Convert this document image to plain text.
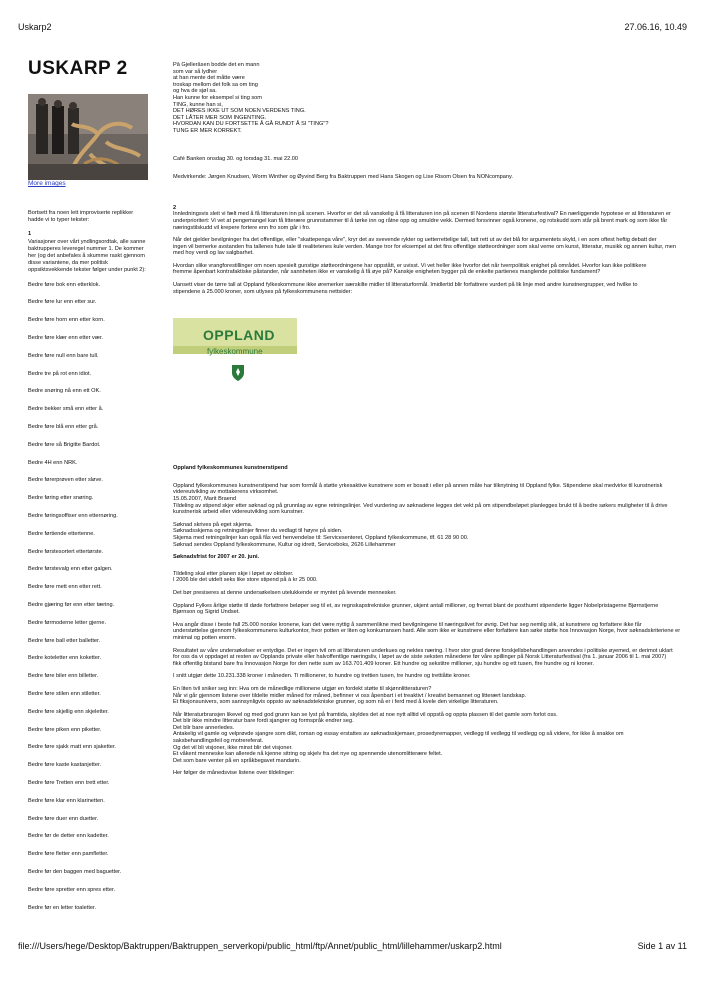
Uskarp2	27.06.16, 10.49
USKARP 2
More images

Bortsett fra noen lett improviserte replikker hadde vi to typer tekster:

1

Variasjoner over vårt yndlingsordtak, alle sanne baktrupperes leveregel nummer 1. De kommer her (og det anbefales å skumme raskt gjennom disse variantene, da mer politisk oppsiktsvekkende tekster følger under punkt 2):

Bedre føre bok enn etterklok.

Bedre føre lur enn etter sur.

Bedre føre horn enn etter korn.

Bedre føre klær enn etter vær.

Bedre føre null enn bare tull.

Bedre tre på rot enn idiot.

Bedre snøring nå enn ett OK.

Bedre bekker små enn etter å.

Bedre føre blå enn etter grå.

Bedre føre så Brigitte Bardot.

Bedre 4H enn NRK.

Bedre førerprøven etter sløve.

Bedre føring etter snøring.

Bedre føringsoffiser enn etternøring.

Bedre førtiende ettertenne.

Bedre førstesortert ettertørste.

Bedre førstevalg enn etter galgen.

Bedre føre mett enn etter rett.

Bedre gjæring før enn etter tæring.

Bedre førmoderne letter gjerne.

Bedre føre ball etter balletter.

Bedre koteletter enn koketter.

Bedre føre biler enn billetter.

Bedre føre stilen enn stiletter.

Bedre føre skjellig enn skjeletter.

Bedre føre piken enn piketter.

Bedre føre sjakk matt enn sjaketter.

Bedre føre kaste kastanjetter.

Bedre føre Tretten enn trett etter.

Bedre føre klar enn klarinetten.

Bedre føre duer enn duetter.

Bedre før de detter enn kadetter.

Bedre føre fletter enn pamfletter.

Bedre før den baggen med baguetter.

Bedre føre spretter enn spres etter.

Bedre før en letter toaletter.

På Gjelleråsen bodde det en mann

som var så lydher

at han mente det måtte være

troskap mellom det folk sa om ting

og hva de sjøl sa.

Han kunne for eksempel si ting som

TING, kunne han si,

DET HØRES IKKE UT SOM NOEN VERDENS TING.

DET LÅTER MER SOM INGENTING.

HVORDAN KAN DU FORTSETTE Å GÅ RUNDT Å SI "TING"?

TUNG ER MER KORREKT.

Café Banken onsdag 30. og torsdag 31. mai 22.00

Medvirkende: Jørgen Knudsen, Worm Winther og Øyvind Berg fra Baktruppen med Hans Skogen og Lise Risom Olsen fra NONcompany.

2

Innledningsvis sleit vi fælt med å få litteraturen inn på scenen. Hvorfor er det så vanskelig å få litteraturen inn på scenen til Nordens største litteraturfestival? En nærliggende hypotese er at litteraturen er

underprioritert: Vi vet at pengemangel kan få litterære grunnstammer til å tørke inn og råtne opp og smuldre vekk. Dermed forsvinner også kronene, og rotskudd som står på brent mark og som ikke får

næringstilskudd vil krepere fortere enn fro som går i fro.

Når det gjelder bevilgninger fra det offentlige, eller "skattepenga våre", kryr det av svevende rykter og uetterrettelige tall, tatt rett ut av det blå for argumentets skyld, i en som oftest heftig debatt der

ingen vil bemerke avstanden fra tallenes hule tale til realitetenes kule verden. Mange tror for eksempel at det fins offentlige støtteordninger som skal verne om kunst, litteratur, musikk og annen kultur, men

med hoy verdi og lav salgbarhet.

Hvordan slike vrangforestillinger om noen spesielt gunstige støtteordningene har oppstått, er uvisst. Vi vet heller ikke hvorfor det når tverrpolitisk enighet på området. Hvorfor kan ikke politikere

fremme åpenbart kontrafaktiske påstander, når sannheten ikke er vanskelig å få øye på? Kanskje enigheten bygger på de enkelte partienes manglende politiske fundament?

Uansett viser de tørre tall at Oppland fylkeskommune ikke øremerker særskilte midler til litteraturformål. Imidlertid blir forfattrere vurdert på lik linje med andre kunstnergrupper, ved hvilke to

stipendene à 25.000 kroner, som utlyses på fylkeskommunens nettsider:

OPPLAND
fylkeskommune

Oppland fylkeskommunes kunstnerstipend

Oppland fylkeskommunes kunstnerstipend har som formål å støtte yrkesaktive kunstnere som er bosatt i eller på annen måte har tilknytning til Oppland fylke. Stipendene skal medvirke til kunstnerisk

videreutvikling av mottakerens virksomhet.

15.05.2007, Marit Braend

Tildeling av stipend skjer etter søknad og på grunnlag av egne retningslinjer. Ved vurdering av søknadene legges det vekt på om stipendbeløpet planlegges brukt til å bedre søkers muligheter til å drive

kunstnerisk arbeid eller videreutvikling som kunstner.

Søknad skrives på eget skjema.

Søknadsskjema og retningslinjer finner du vedlagt til høyre på siden.

Skjema med retningslinjer kan også fås ved henvendelse til: Servicesenteret, Oppland fylkeskommune, tlf. 61 28 90 00.

Søknad sendes Oppland fylkeskommune, Kultur og idrett, Serviceboks, 2626 Lillehammer

Søknadsfrist for 2007 er 20. juni.

Tildeling skal etter planen skje i løpet av oktober.

I 2006 ble det utdelt seks like store stipend på à kr 25 000.

Det bør presiseres at denne undersøkelsen utelukkende er myntet på levende mennesker.

Oppland Fylkes årlige støtte til døde forfattrere beløper seg til et, av regnskapstrekniske grunner, ukjent antall millioner, og fremst blant de posthumt stipenderte ligger Nobelpristagerne Bjørnstjerne

Bjørnson og Sigrid Undset.

Hva angår disse i beste fall 25.000 norske kronene, kan det være nyttig å sammenlikne med bevilgningene til næringslivet for øvrig. Det har seg nemlig slik, at kunstnere og forfattere ikke får

understøttelse gjennom fylkeskommunens kulturkontor, hvor potten er liten og konkurransen hard. Alle som ikke er kunstnere eller forfattere kan søke støtte hos Innovasjon Norge, hvor søknadskriteriene er

minimal og potten enorm.

Resultatet av våre undersøkelser er entydige. Det er ingen tvil om at litteraturen underkues og nektes næring. I hvor stor grad denne forskjellsbehandlingen anvendes i politiske øyemed, er derimot uklart

for oss da vi oppdaget at resten av Opplands private eller halvoffentlige næringsliv, i løpet av de siste seksten månedene før våre spillinger på Norsk Litteraturfestival (fra 1. januar 2006 til 1. mai 2007)

fikk offentlig bistand bare fra Innovasjon Norge for den nette sum av 163.701.409 kroner. Ett hundre og sekstitre millioner, sju hundre og ett tusen, fire hundre og ni kroner.

I snitt utgjør dette 10.231.338 kroner i måneden. Ti millionerer, to hundre og trettien tusen, tre hundre og trettiåtte kroner.

En liten tvil sniker seg inn: Hva om de månedlige millionene utgjør en fordekt støtte til skjønnlitteraturen?

Når vi går gjennom listene over tildelte midler måned for måned, befinner vi oss åpenbart i et treaktivt / kreativt bemannet og litterært landskap.

Et fiksjonsunivers, som sannsynligvis oppsto av søknadstekniske grunner, og som nå er i ferd med å kvele den virkelige litteraturen.

Når litteraturbransjen likevel og med god grunn kan se lyst på framtida, skyldes det at noe nytt alltid vil oppstå og oppta plassen til det gamle som forlot oss.

Det blir ikke mindre litteratur bare fordi sjangrer og formspråk endrer seg.

Det blir bare annerledes.

Antakelig vil gamle og velprøvde sjangre som dikt, roman og essay erstattes av søknadsskjemaer, prosedyremapper, vedlegg til vedlegg til vedlegg og så videre, for ikke å snakke om

saksbehandlingsfeil og motrereferat.

Og det vil bli visjoner, ikke minst blir det visjoner.

Et våkent menneske kan allerede nå kjenne sitring og skjelv fra det nye og spennende utenomlitterære feltet.

Det som bare venter på en språkbegavet mandarin.

Her følger de månedsvise listene over tildelinger:

file:///Users/hege/Desktop/Baktruppen/Baktruppen_serverkopi/public_html/ftp/Annet/public_html/lillehammer/uskarp2.html	Side 1 av 11
